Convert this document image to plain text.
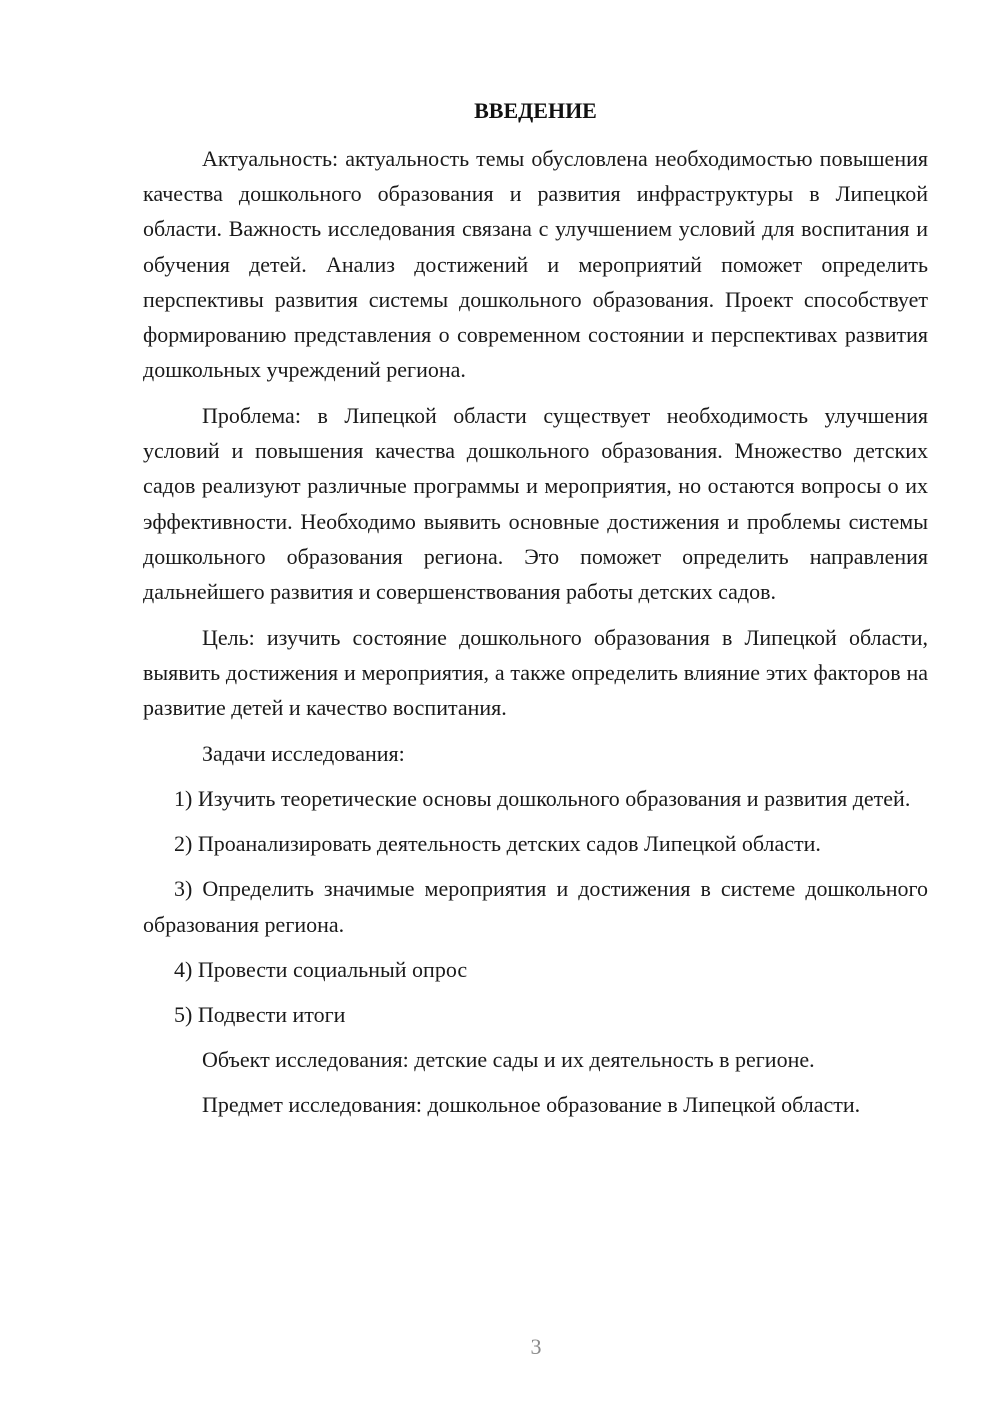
ВВЕДЕНИЕ

Актуальность: актуальность темы обусловлена необходимостью повышения качества дошкольного образования и развития инфраструктуры в Липецкой области. Важность исследования связана с улучшением условий для воспитания и обучения детей. Анализ достижений и мероприятий поможет определить перспективы развития системы дошкольного образования. Проект способствует формированию представления о современном состоянии и перспективах развития дошкольных учреждений региона.

Проблема: в Липецкой области существует необходимость улучшения условий и повышения качества дошкольного образования. Множество детских садов реализуют различные программы и мероприятия, но остаются вопросы о их эффективности. Необходимо выявить основные достижения и проблемы системы дошкольного образования региона. Это поможет определить направления дальнейшего развития и совершенствования работы детских садов.

Цель: изучить состояние дошкольного образования в Липецкой области, выявить достижения и мероприятия, а также определить влияние этих факторов на развитие детей и качество воспитания.

Задачи исследования:

1) Изучить теоретические основы дошкольного образования и развития детей.

2) Проанализировать деятельность детских садов Липецкой области.

3) Определить значимые мероприятия и достижения в системе дошкольного образования региона.

4) Провести социальный опрос

5) Подвести итоги

Объект исследования: детские сады и их деятельность в регионе.

Предмет исследования: дошкольное образование в Липецкой области.

3
